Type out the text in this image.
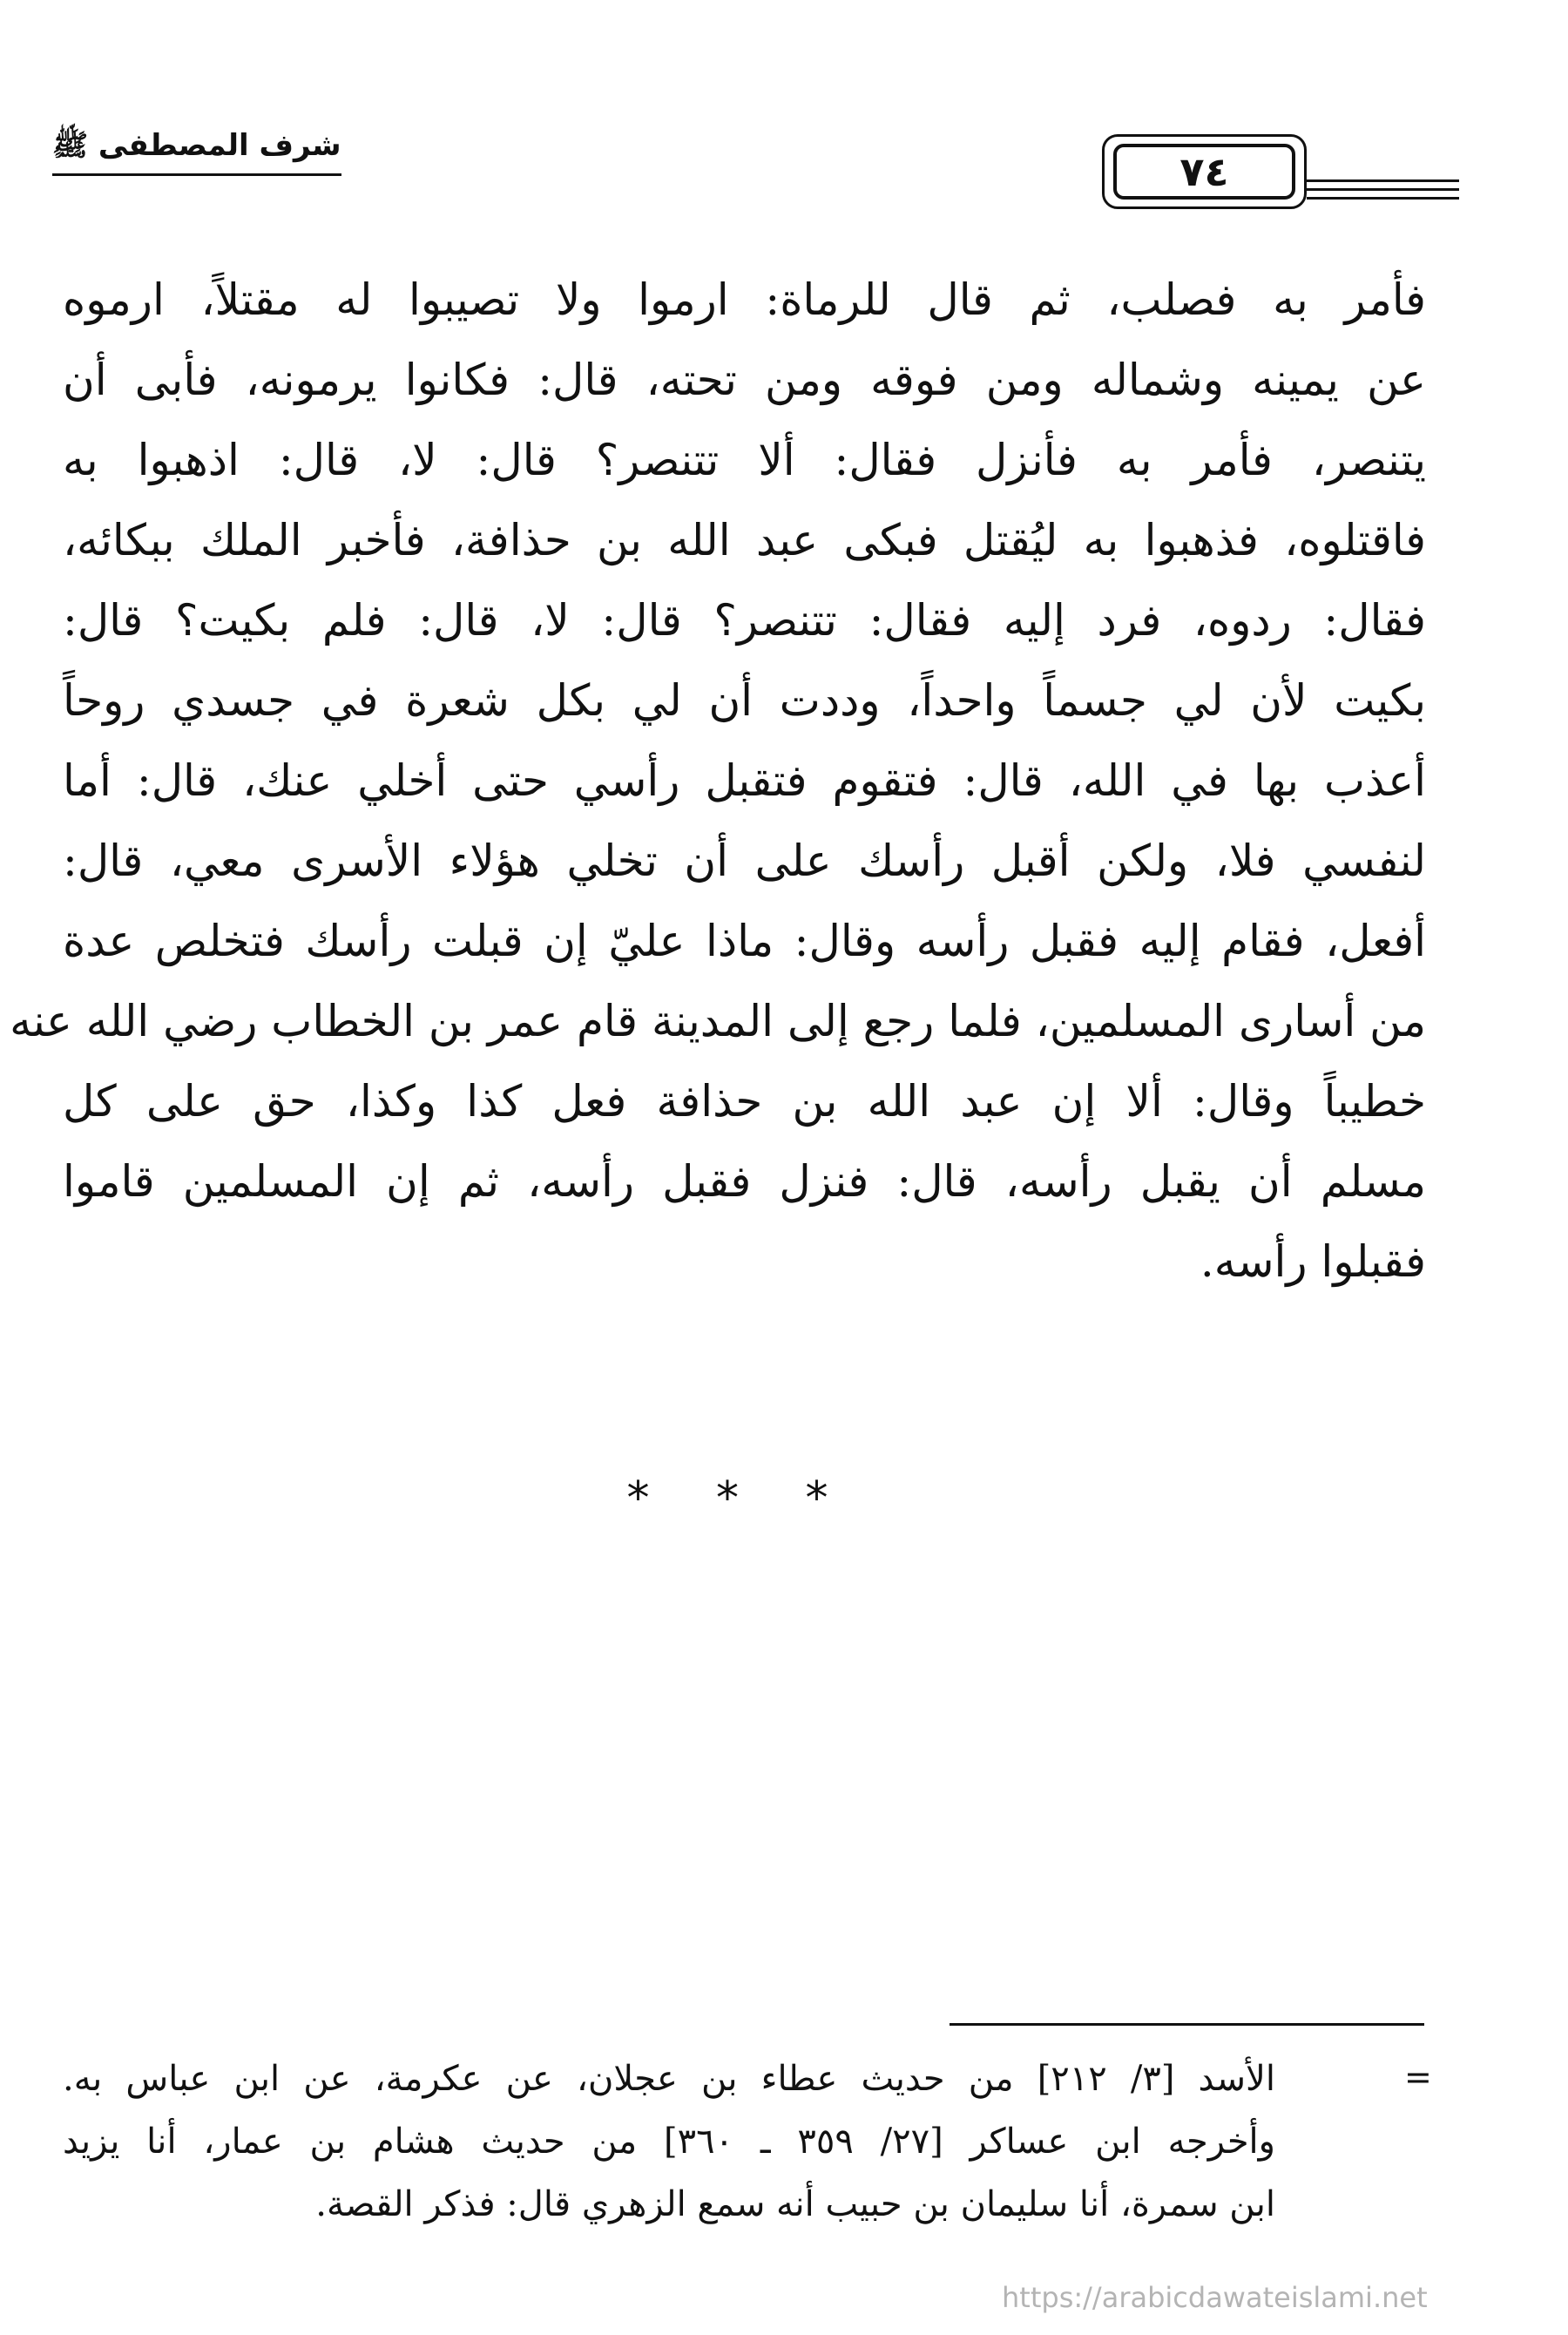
شرف المصطفى ﷺ
٧٤
فأمر به فصلب، ثم قال للرماة: ارموا ولا تصيبوا له مقتلاً، ارموه
عن يمينه وشماله ومن فوقه ومن تحته، قال: فكانوا يرمونه، فأبى أن
يتنصر، فأمر به فأنزل فقال: ألا تتنصر؟ قال: لا، قال: اذهبوا به
فاقتلوه، فذهبوا به ليُقتل فبكى عبد الله بن حذافة، فأخبر الملك ببكائه،
فقال: ردوه، فرد إليه فقال: تتنصر؟ قال: لا، قال: فلم بكيت؟ قال:
بكيت لأن لي جسماً واحداً، وددت أن لي بكل شعرة في جسدي روحاً
أعذب بها في الله، قال: فتقوم فتقبل رأسي حتى أخلي عنك، قال: أما
لنفسي فلا، ولكن أقبل رأسك على أن تخلي هؤلاء الأسرى معي، قال:
أفعل، فقام إليه فقبل رأسه وقال: ماذا عليّ إن قبلت رأسك فتخلص عدة
من أسارى المسلمين، فلما رجع إلى المدينة قام عمر بن الخطاب رضي الله عنه
خطيباً وقال: ألا إن عبد الله بن حذافة فعل كذا وكذا، حق على كل
مسلم أن يقبل رأسه، قال: فنزل فقبل رأسه، ثم إن المسلمين قاموا
فقبلوا رأسه.
* * *
=
الأسد [٣/ ٢١٢] من حديث عطاء بن عجلان، عن عكرمة، عن ابن عباس به.
وأخرجه ابن عساكر [٢٧/ ٣٥٩ ـ ٣٦٠] من حديث هشام بن عمار، أنا يزيد
ابن سمرة، أنا سليمان بن حبيب أنه سمع الزهري قال: فذكر القصة.
https://arabicdawateislami.net
